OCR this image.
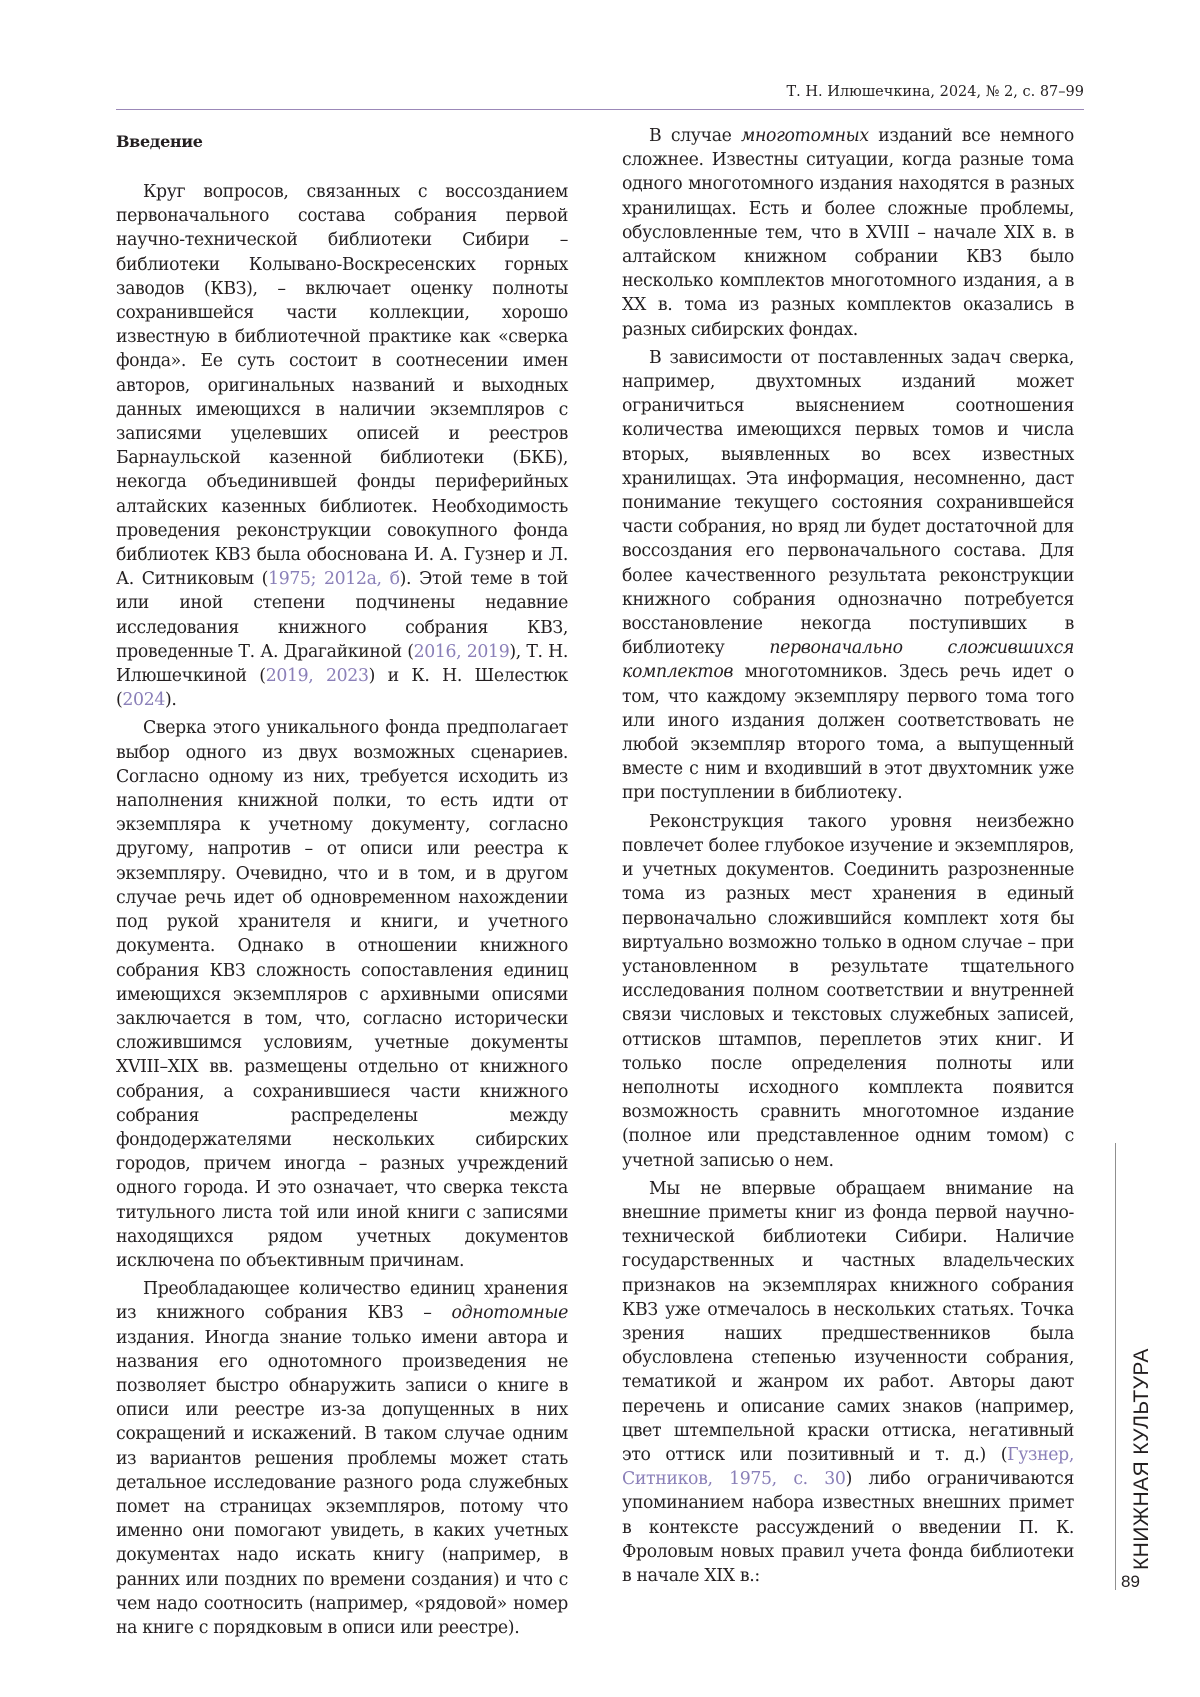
Т. Н. Илюшечкина, 2024, № 2, с. 87–99
Введение

Круг вопросов, связанных с воссозданием первоначального состава собрания первой научно-технической библиотеки Сибири – библиотеки Колывано-Воскресенских горных заводов (КВЗ), – включает оценку полноты сохранившейся части коллекции, хорошо известную в библиотечной практике как «сверка фонда». Ее суть состоит в соотнесении имен авторов, оригинальных названий и выходных данных имеющихся в наличии экземпляров с записями уцелевших описей и реестров Барнаульской казенной библиотеки (БКБ), некогда объединившей фонды периферийных алтайских казенных библиотек. Необходимость проведения реконструкции совокупного фонда библиотек КВЗ была обоснована И. А. Гузнер и Л. А. Ситниковым (1975; 2012а, б). Этой теме в той или иной степени подчинены недавние исследования книжного собрания КВЗ, проведенные Т. А. Драгайкиной (2016, 2019), Т. Н. Илюшечкиной (2019, 2023) и К. Н. Шелестюк (2024).

Сверка этого уникального фонда предполагает выбор одного из двух возможных сценариев. Согласно одному из них, требуется исходить из наполнения книжной полки, то есть идти от экземпляра к учетному документу, согласно другому, напротив – от описи или реестра к экземпляру. Очевидно, что и в том, и в другом случае речь идет об одновременном нахождении под рукой хранителя и книги, и учетного документа. Однако в отношении книжного собрания КВЗ сложность сопоставления единиц имеющихся экземпляров с архивными описями заключается в том, что, согласно исторически сложившимся условиям, учетные документы XVIII–XIX вв. размещены отдельно от книжного собрания, а сохранившиеся части книжного собрания распределены между фондодержателями нескольких сибирских городов, причем иногда – разных учреждений одного города. И это означает, что сверка текста титульного листа той или иной книги с записями находящихся рядом учетных документов исключена по объективным причинам.

Преобладающее количество единиц хранения из книжного собрания КВЗ – однотомные издания. Иногда знание только имени автора и названия его однотомного произведения не позволяет быстро обнаружить записи о книге в описи или реестре из-за допущенных в них сокращений и искажений. В таком случае одним из вариантов решения проблемы может стать детальное исследование разного рода служебных помет на страницах экземпляров, потому что именно они помогают увидеть, в каких учетных документах надо искать книгу (например, в ранних или поздних по времени создания) и что с чем надо соотносить (например, «рядовой» номер на книге с порядковым в описи или реестре).

В случае многотомных изданий все немного сложнее. Известны ситуации, когда разные тома одного многотомного издания находятся в разных хранилищах. Есть и более сложные проблемы, обусловленные тем, что в XVIII – начале XIX в. в алтайском книжном собрании КВЗ было несколько комплектов многотомного издания, а в XX в. тома из разных комплектов оказались в разных сибирских фондах.

В зависимости от поставленных задач сверка, например, двухтомных изданий может ограничиться выяснением соотношения количества имеющихся первых томов и числа вторых, выявленных во всех известных хранилищах. Эта информация, несомненно, даст понимание текущего состояния сохранившейся части собрания, но вряд ли будет достаточной для воссоздания его первоначального состава. Для более качественного результата реконструкции книжного собрания однозначно потребуется восстановление некогда поступивших в библиотеку первоначально сложившихся комплектов многотомников. Здесь речь идет о том, что каждому экземпляру первого тома того или иного издания должен соответствовать не любой экземпляр второго тома, а выпущенный вместе с ним и входивший в этот двухтомник уже при поступлении в библиотеку.

Реконструкция такого уровня неизбежно повлечет более глубокое изучение и экземпляров, и учетных документов. Соединить разрозненные тома из разных мест хранения в единый первоначально сложившийся комплект хотя бы виртуально возможно только в одном случае – при установленном в результате тщательного исследования полном соответствии и внутренней связи числовых и текстовых служебных записей, оттисков штампов, переплетов этих книг. И только после определения полноты или неполноты исходного комплекта появится возможность сравнить многотомное издание (полное или представленное одним томом) с учетной записью о нем.

Мы не впервые обращаем внимание на внешние приметы книг из фонда первой научно-технической библиотеки Сибири. Наличие государственных и частных владельческих признаков на экземплярах книжного собрания КВЗ уже отмечалось в нескольких статьях. Точка зрения наших предшественников была обусловлена степенью изученности собрания, тематикой и жанром их работ. Авторы дают перечень и описание самих знаков (например, цвет штемпельной краски оттиска, негативный это оттиск или позитивный и т. д.) (Гузнер, Ситников, 1975, с. 30) либо ограничиваются упоминанием набора известных внешних примет в контексте рассуждений о введении П. К. Фроловым новых правил учета фонда библиотеки в начале XIX в.:

КНИЖНАЯ КУЛЬТУРА
89
